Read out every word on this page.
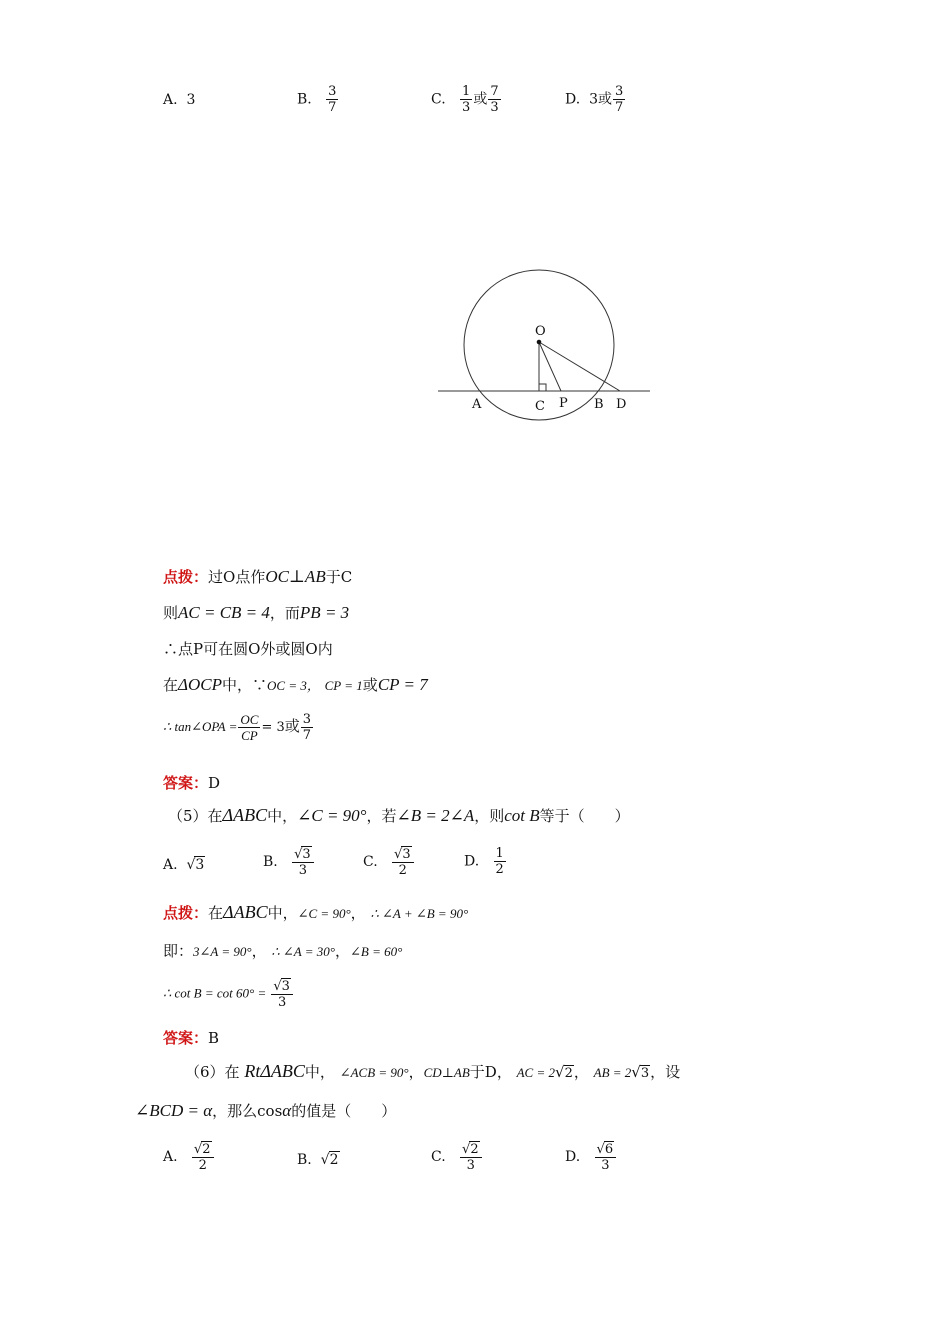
A. 3	B. $\frac{3}{7}$	C. $\frac{1}{3}$ 或 $\frac{7}{3}$	D. 3或 $\frac{3}{7}$
O
A	C P B D
点拨：过O点作OC⊥AB于C
则AC = CB = 4，而PB = 3
∴点P可在圆O外或圆O内
在ΔOCP中，∵OC = 3， CP = 1或CP = 7
∴ tan∠OPA = $\frac{OC}{CP} = 3$或 $\frac{3}{7}$
答案：D
（5）在ΔABC中，∠C = 90°，若∠B = 2∠A，则cot B等于（　　）
A.  √3	B. $\frac{√3}{3}$	C. $\frac{√3}{2}$	D. $\frac{1}{2}$
点拨：在ΔABC中，∠C = 90°， ∴ ∠A + ∠B = 90°
即：3∠A = 90°， ∴ ∠A = 30°，∠B = 60°
∴ $\cot B = \cot 60^\circ = \frac{√3}{3}$
答案：B
（6）在 RtΔABC中， ∠ACB = 90°，CD⊥AB于D， AC = 2√2， AB = 2√3，设
∠BCD = α，那么cosα的值是（　　）
A. $\frac{√2}{2}$	B.  √2	C. $\frac{√2}{3}$	D. $\frac{√6}{3}$
